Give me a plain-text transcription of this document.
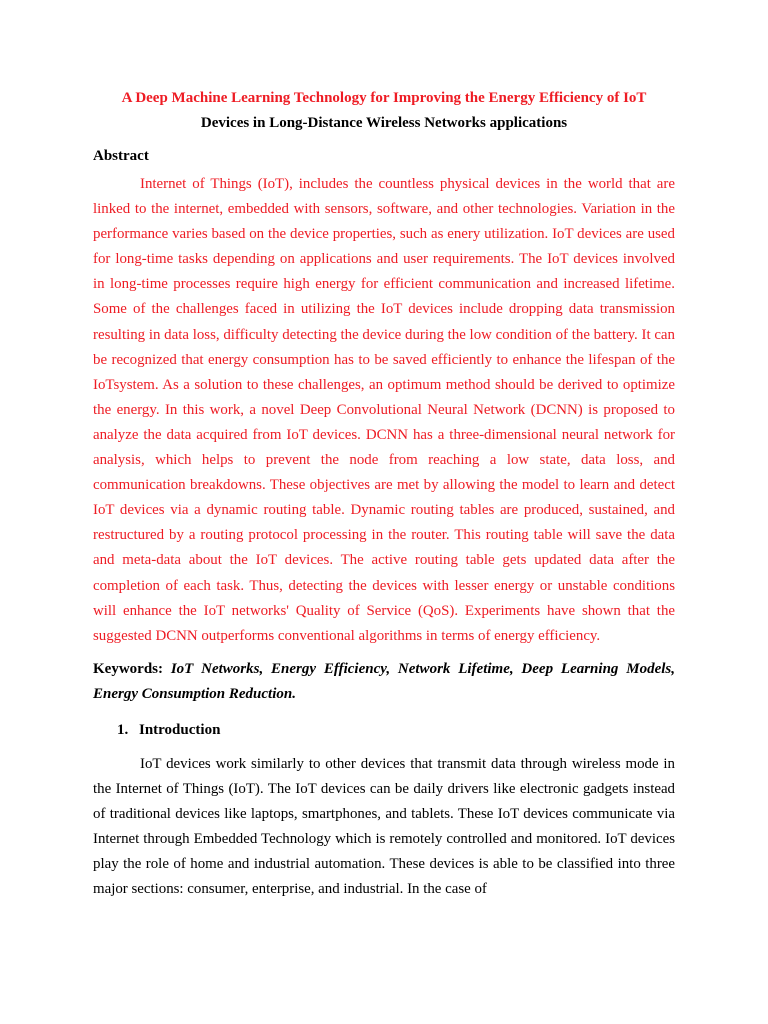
A Deep Machine Learning Technology for Improving the Energy Efficiency of IoT

Devices in Long-Distance Wireless Networks applications

Abstract

Internet of Things (IoT), includes the countless physical devices in the world that are linked to the internet, embedded with sensors, software, and other technologies. Variation in the performance varies based on the device properties, such as enery utilization. IoT devices are used for long-time tasks depending on applications and user requirements. The IoT devices involved in long-time processes require high energy for efficient communication and increased lifetime. Some of the challenges faced in utilizing the IoT devices include dropping data transmission resulting in data loss, difficulty detecting the device during the low condition of the battery. It can be recognized that energy consumption has to be saved efficiently to enhance the lifespan of the IoTsystem. As a solution to these challenges, an optimum method should be derived to optimize the energy. In this work, a novel Deep Convolutional Neural Network (DCNN) is proposed to analyze the data acquired from IoT devices. DCNN has a three-dimensional neural network for analysis, which helps to prevent the node from reaching a low state, data loss, and communication breakdowns. These objectives are met by allowing the model to learn and detect IoT devices via a dynamic routing table. Dynamic routing tables are produced, sustained, and restructured by a routing protocol processing in the router. This routing table will save the data and meta-data about the IoT devices. The active routing table gets updated data after the completion of each task. Thus, detecting the devices with lesser energy or unstable conditions will enhance the IoT networks' Quality of Service (QoS). Experiments have shown that the suggested DCNN outperforms conventional algorithms in terms of energy efficiency.

Keywords: IoT Networks, Energy Efficiency, Network Lifetime, Deep Learning Models, Energy Consumption Reduction.

1. Introduction

IoT devices work similarly to other devices that transmit data through wireless mode in the Internet of Things (IoT). The IoT devices can be daily drivers like electronic gadgets instead of traditional devices like laptops, smartphones, and tablets. These IoT devices communicate via Internet through Embedded Technology which is remotely controlled and monitored. IoT devices play the role of home and industrial automation. These devices is able to be classified into three major sections: consumer, enterprise, and industrial. In the case of
